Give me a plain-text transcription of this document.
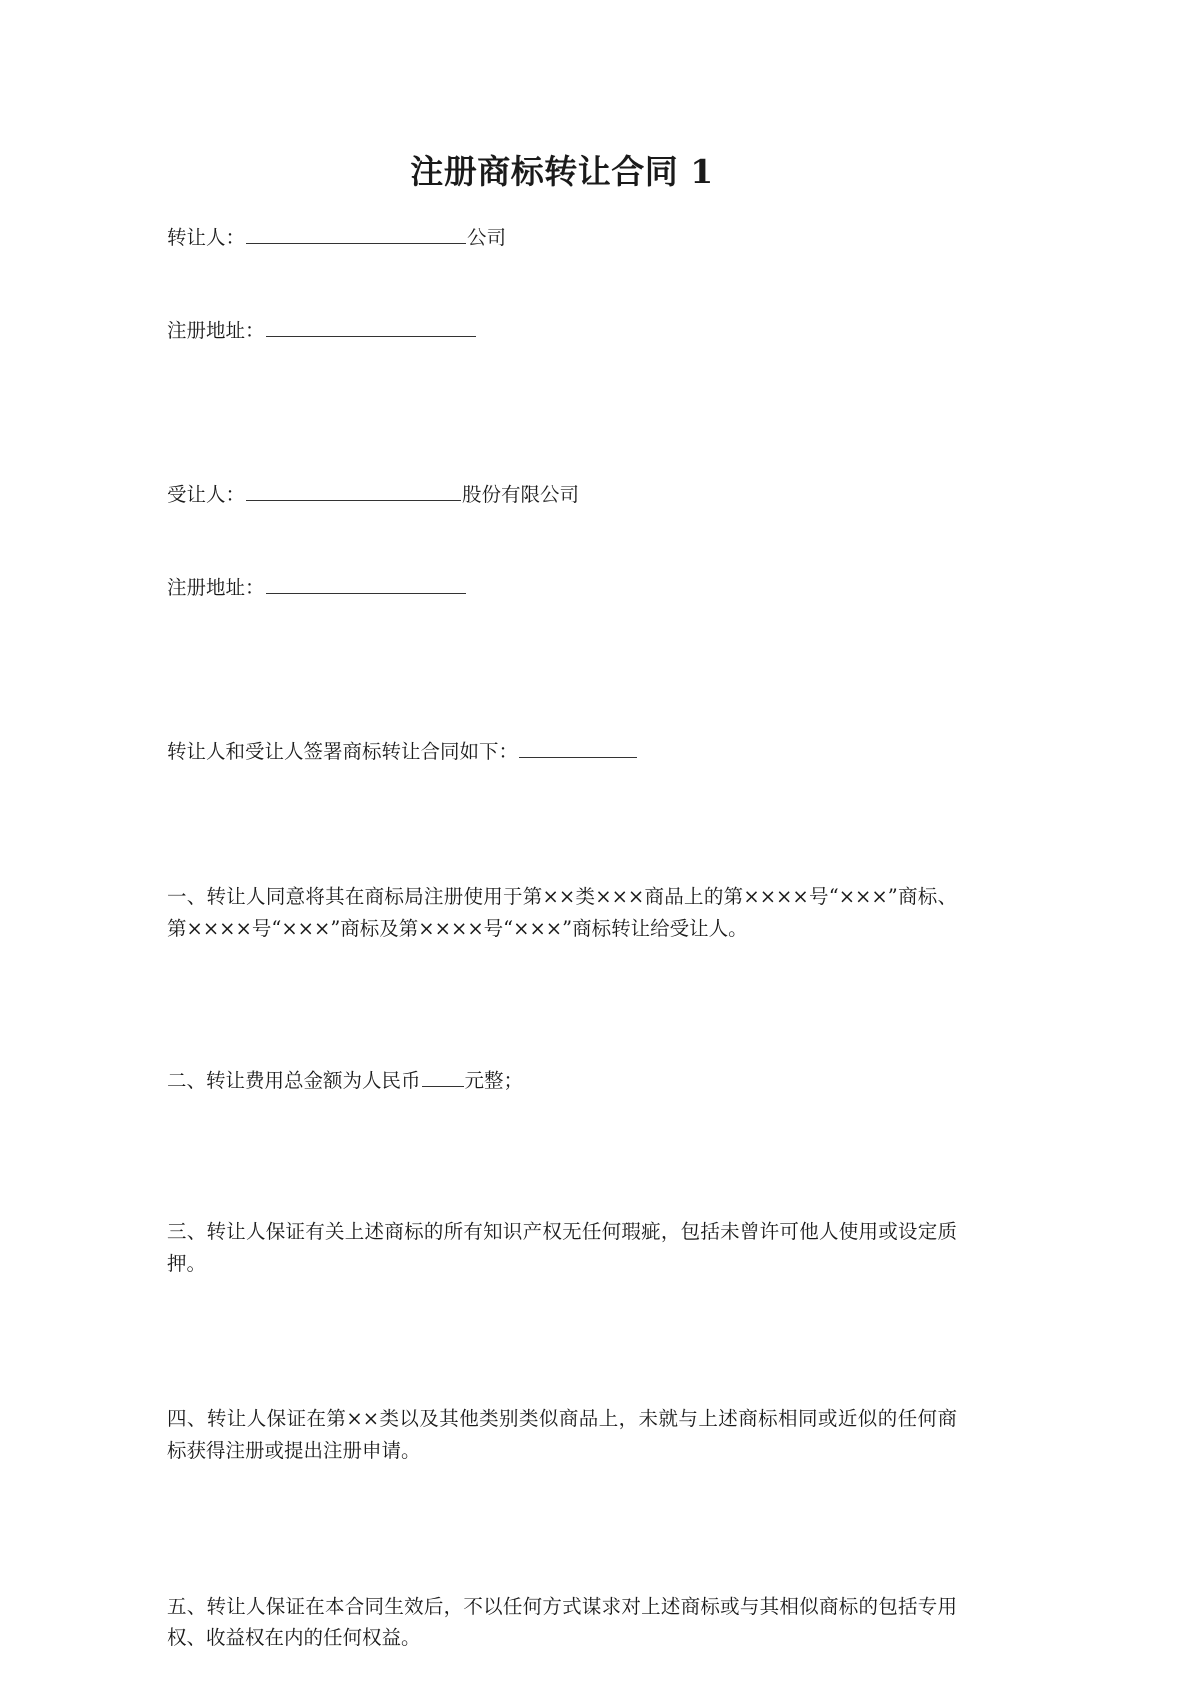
注册商标转让合同 1

转让人：	公司

注册地址：

受让人：	股份有限公司

注册地址：

转让人和受让人签署商标转让合同如下：

一、转让人同意将其在商标局注册使用于第××类×××商品上的第××××号“×××”商标、第××××号“×××”商标及第××××号“×××”商标转让给受让人。

二、转让费用总金额为人民币 元整；

三、转让人保证有关上述商标的所有知识产权无任何瑕疵，包括未曾许可他人使用或设定质押。

四、转让人保证在第××类以及其他类别类似商品上，未就与上述商标相同或近似的任何商标获得注册或提出注册申请。

五、转让人保证在本合同生效后，不以任何方式谋求对上述商标或与其相似商标的包括专用权、收益权在内的任何权益。
